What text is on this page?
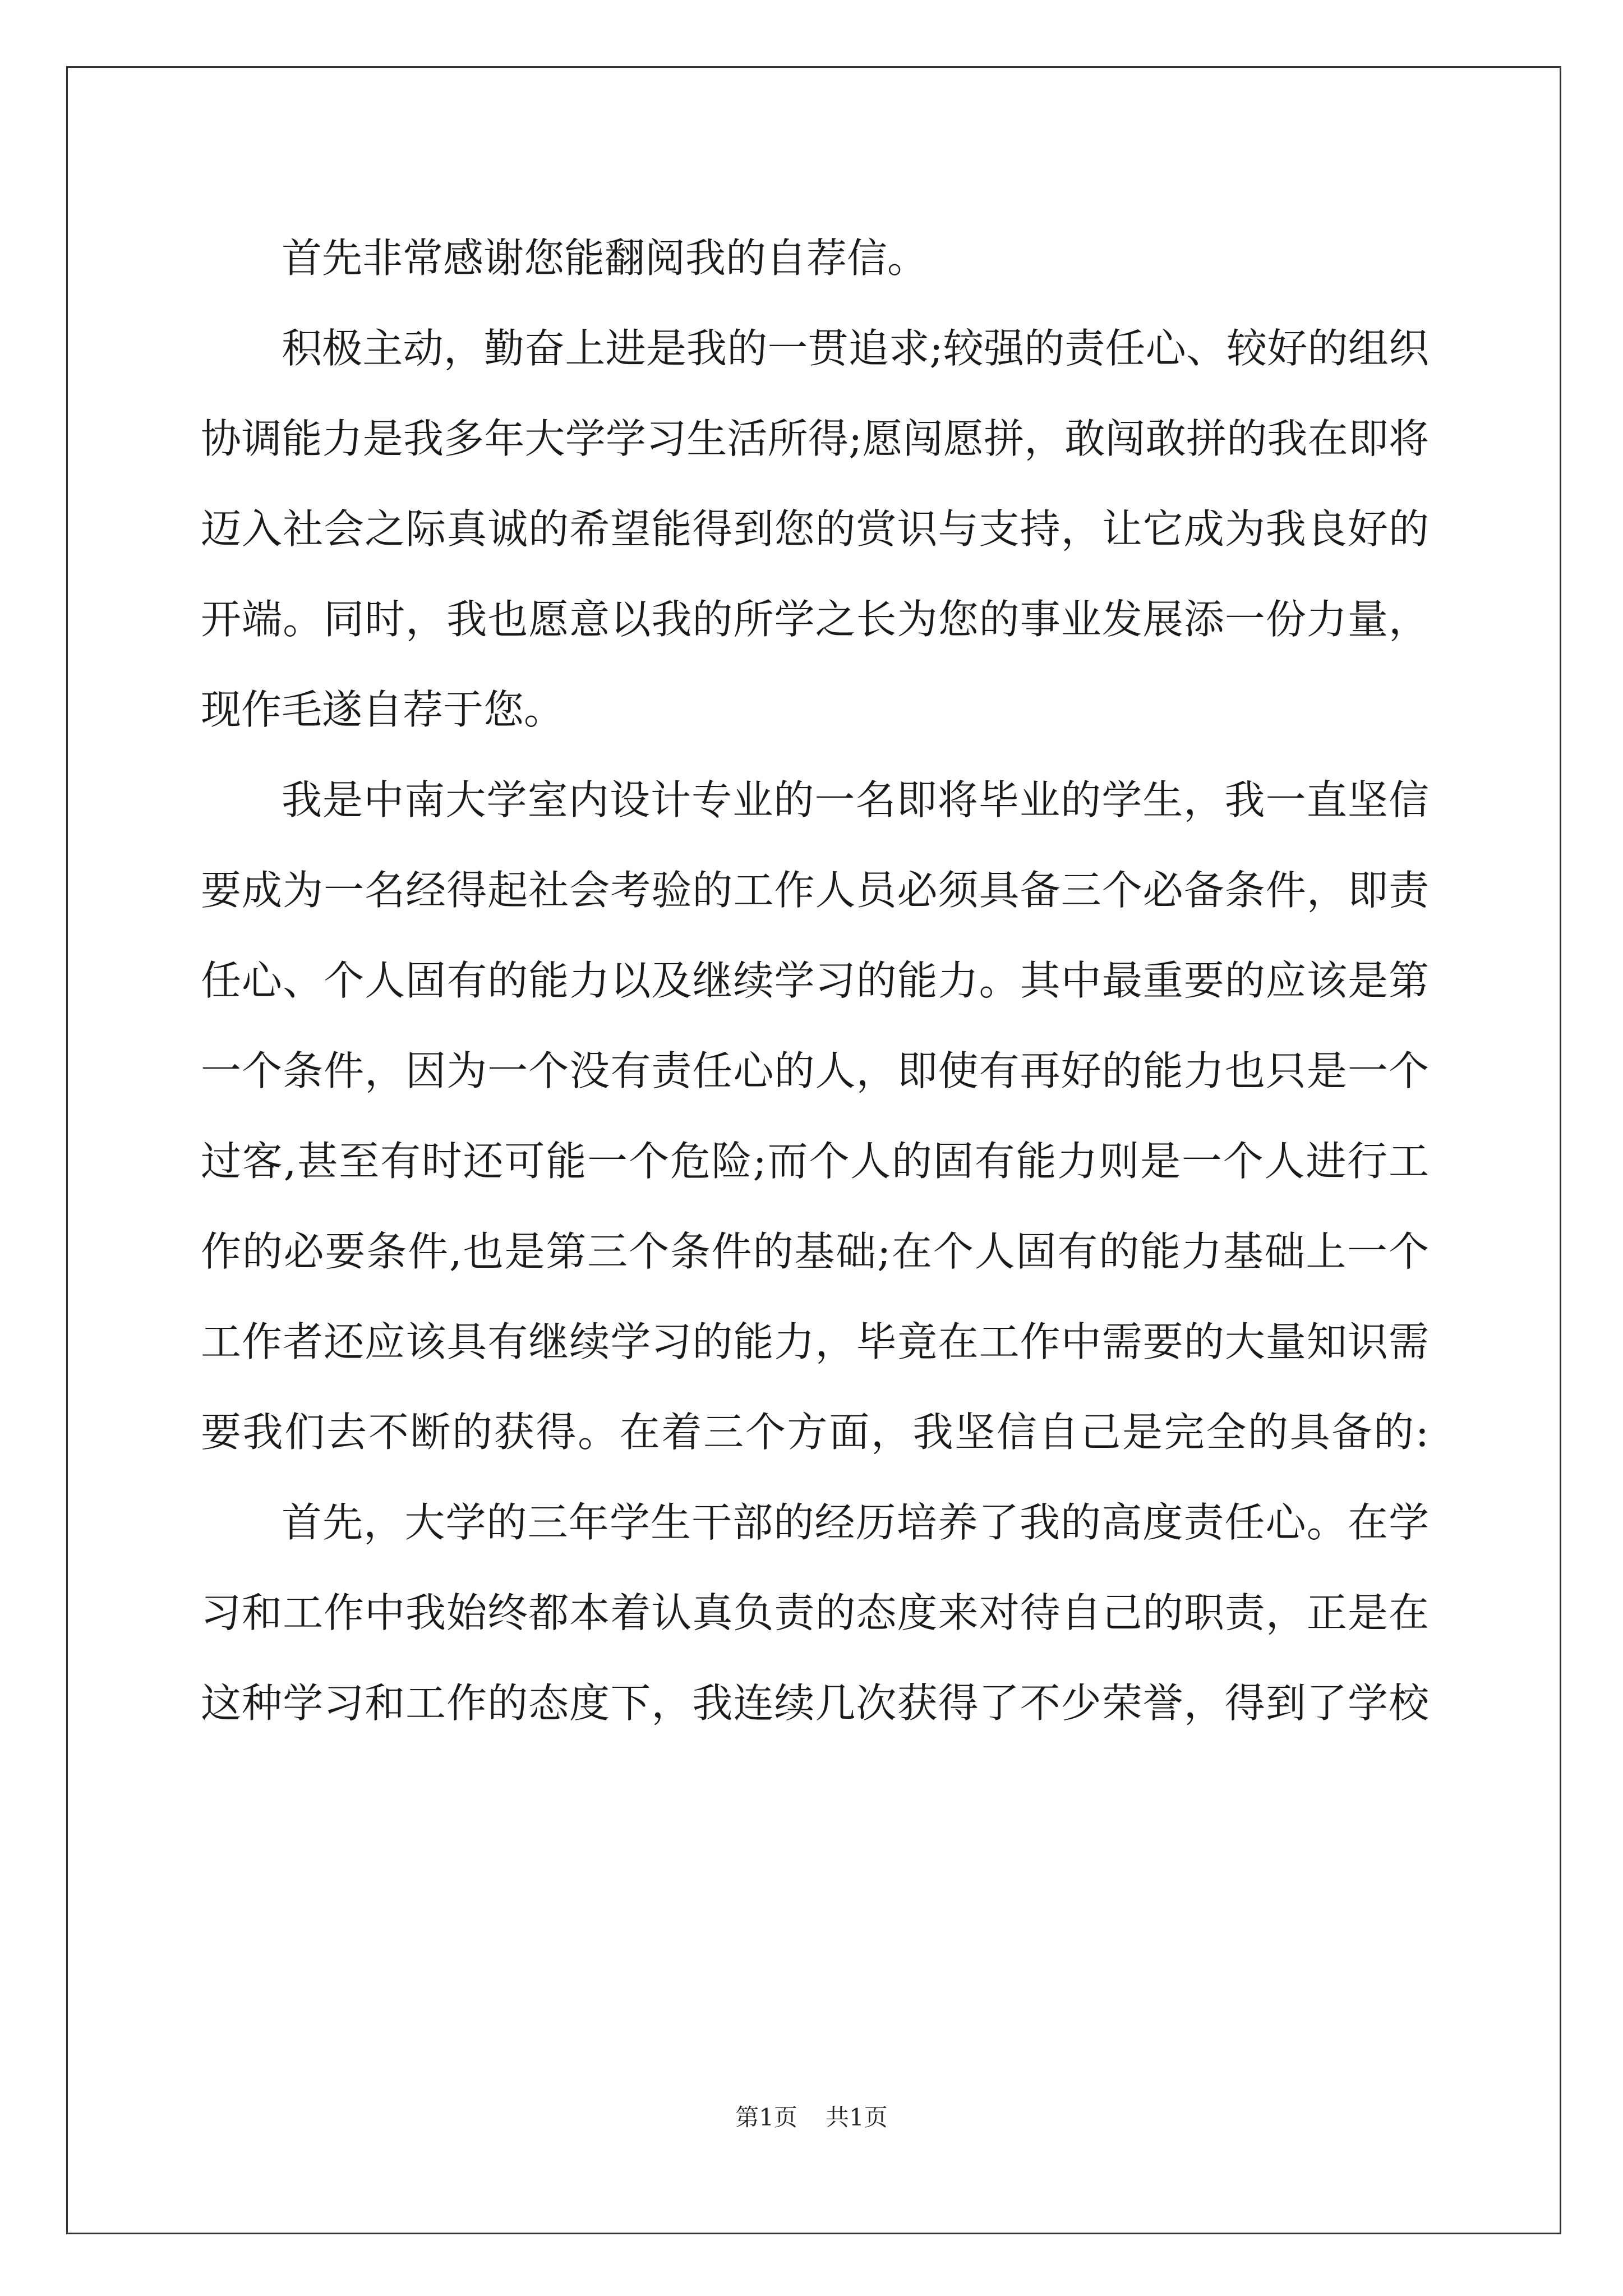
首先非常感谢您能翻阅我的自荐信。
积极主动，勤奋上进是我的一贯追求;较强的责任心、较好的组织
协调能力是我多年大学学习生活所得;愿闯愿拼，敢闯敢拼的我在即将
迈入社会之际真诚的希望能得到您的赏识与支持，让它成为我良好的
开端。同时，我也愿意以我的所学之长为您的事业发展添一份力量，
现作毛遂自荐于您。
我是中南大学室内设计专业的一名即将毕业的学生，我一直坚信
要成为一名经得起社会考验的工作人员必须具备三个必备条件，即责
任心、个人固有的能力以及继续学习的能力。其中最重要的应该是第
一个条件，因为一个没有责任心的人，即使有再好的能力也只是一个
过客,甚至有时还可能一个危险;而个人的固有能力则是一个人进行工
作的必要条件,也是第三个条件的基础;在个人固有的能力基础上一个
工作者还应该具有继续学习的能力，毕竟在工作中需要的大量知识需
要我们去不断的获得。在着三个方面，我坚信自己是完全的具备的:
首先，大学的三年学生干部的经历培养了我的高度责任心。在学
习和工作中我始终都本着认真负责的态度来对待自己的职责，正是在
这种学习和工作的态度下，我连续几次获得了不少荣誉，得到了学校
第1页 共1页
